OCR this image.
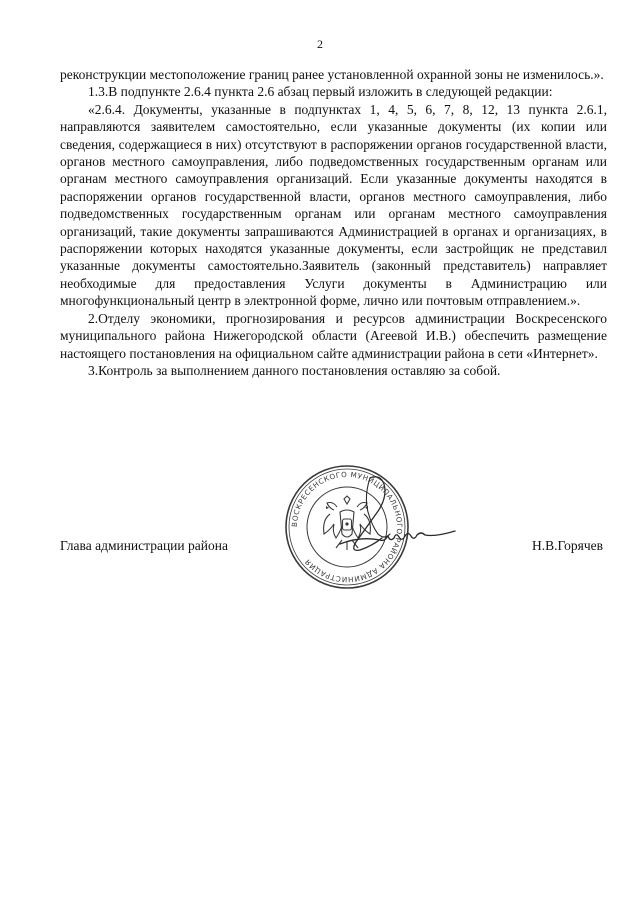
2

реконструкции местоположение границ ранее установленной охранной зоны не изменилось.».

1.3.В подпункте 2.6.4 пункта 2.6 абзац первый изложить в следующей редакции:

«2.6.4. Документы, указанные в подпунктах 1, 4, 5, 6, 7, 8, 12, 13 пункта 2.6.1, направляются заявителем самостоятельно, если указанные документы (их копии или сведения, содержащиеся в них) отсутствуют в распоряжении органов государственной власти, органов местного самоуправления, либо подведомственных государственным органам или органам местного самоуправления организаций. Если указанные документы находятся в распоряжении органов государственной власти, органов местного самоуправления, либо подведомственных государственным органам или органам местного самоуправления организаций, такие документы запрашиваются Администрацией в органах и организациях, в распоряжении которых находятся указанные документы, если застройщик не представил указанные документы самостоятельно.Заявитель (законный представитель) направляет необходимые для предоставления Услуги документы в Администрацию или многофункциональный центр в электронной форме, лично или почтовым отправлением.».

2.Отделу экономики, прогнозирования и ресурсов администрации Воскресенского муниципального района Нижегородской области (Агеевой И.В.) обеспечить размещение настоящего постановления на официальном сайте администрации района в сети «Интернет».

3.Контроль за выполнением данного постановления оставляю за собой.

ВОСКРЕСЕНСКОГО МУНИЦИПАЛЬНОГО РАЙОНА АДМИНИСТРАЦИЯ
Глава администрации района	Н.В.Горячев
